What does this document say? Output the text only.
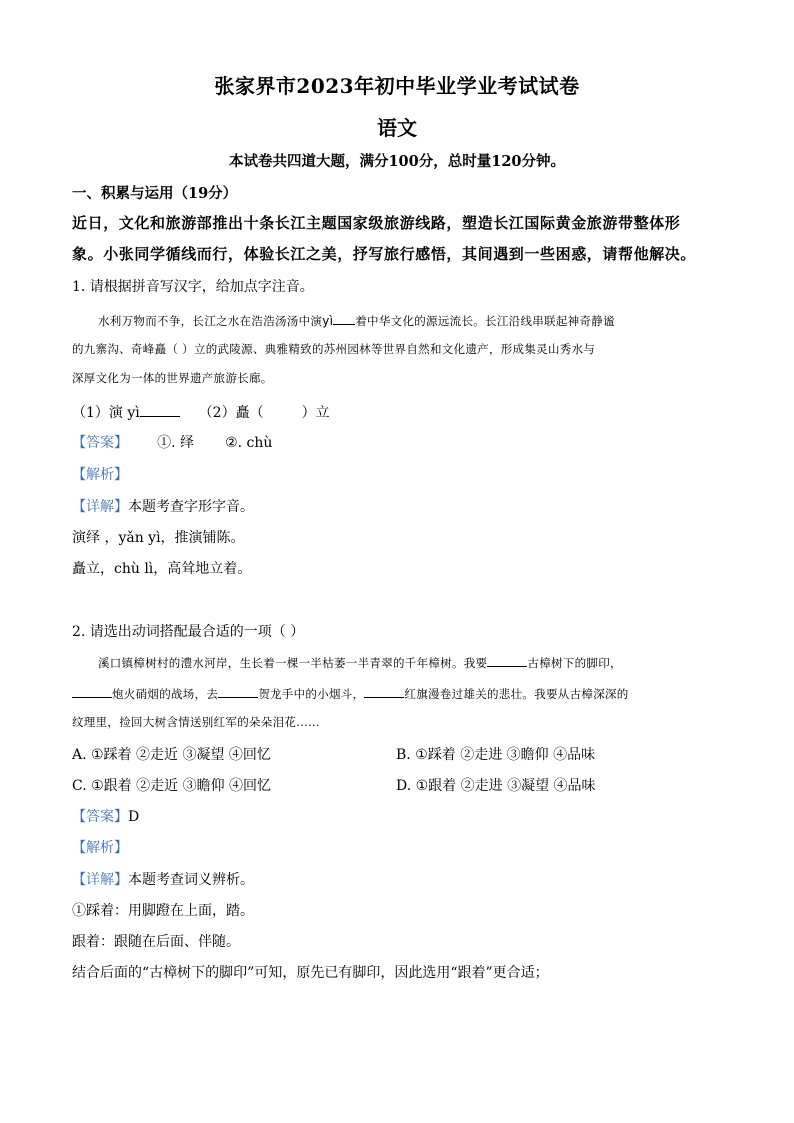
张家界市2023年初中毕业学业考试试卷
语文
本试卷共四道大题，满分100分，总时量120分钟。
一、积累与运用（19分）
近日，文化和旅游部推出十条长江主题国家级旅游线路，塑造长江国际黄金旅游带整体形
象。小张同学循线而行，体验长江之美，抒写旅行感悟，其间遇到一些困惑，请帮他解决。
1. 请根据拼音写汉字，给加点字注音。
水利万物而不争，长江之水在浩浩汤汤中演yì 着中华文化的源远流长。长江沿线串联起神奇静谧
的九寨沟、奇峰矗（ ）立的武陵源、典雅精致的苏州园林等世界自然和文化遗产，形成集灵山秀水与
深厚文化为一体的世界遗产旅游长廊。
（1）演 yì	（2）矗（	）立
【答案】 ①. 绎 ②. chù
【解析】
【详解】本题考查字形字音。
演绎 ，yǎn yì，推演铺陈。
矗立，chù lì，高耸地立着。
2. 请选出动词搭配最合适的一项（ ）
溪口镇樟树村的澧水河岸，生长着一棵一半枯萎一半青翠的千年樟树。我要	古樟树下的脚印，
炮火硝烟的战场，去	贺龙手中的小烟斗，	红旗漫卷过雄关的悲壮。我要从古樟深深的
纹理里，捡回大树含情送别红军的朵朵泪花……
A. ①踩着 ②走近 ③凝望 ④回忆	B. ①踩着 ②走进 ③瞻仰 ④品味
C. ①跟着 ②走近 ③瞻仰 ④回忆	D. ①跟着 ②走进 ③凝望 ④品味
【答案】D
【解析】
【详解】本题考查词义辨析。
①踩着：用脚蹬在上面，踏。
跟着：跟随在后面、伴随。
结合后面的“古樟树下的脚印”可知，原先已有脚印，因此选用“跟着”更合适；
